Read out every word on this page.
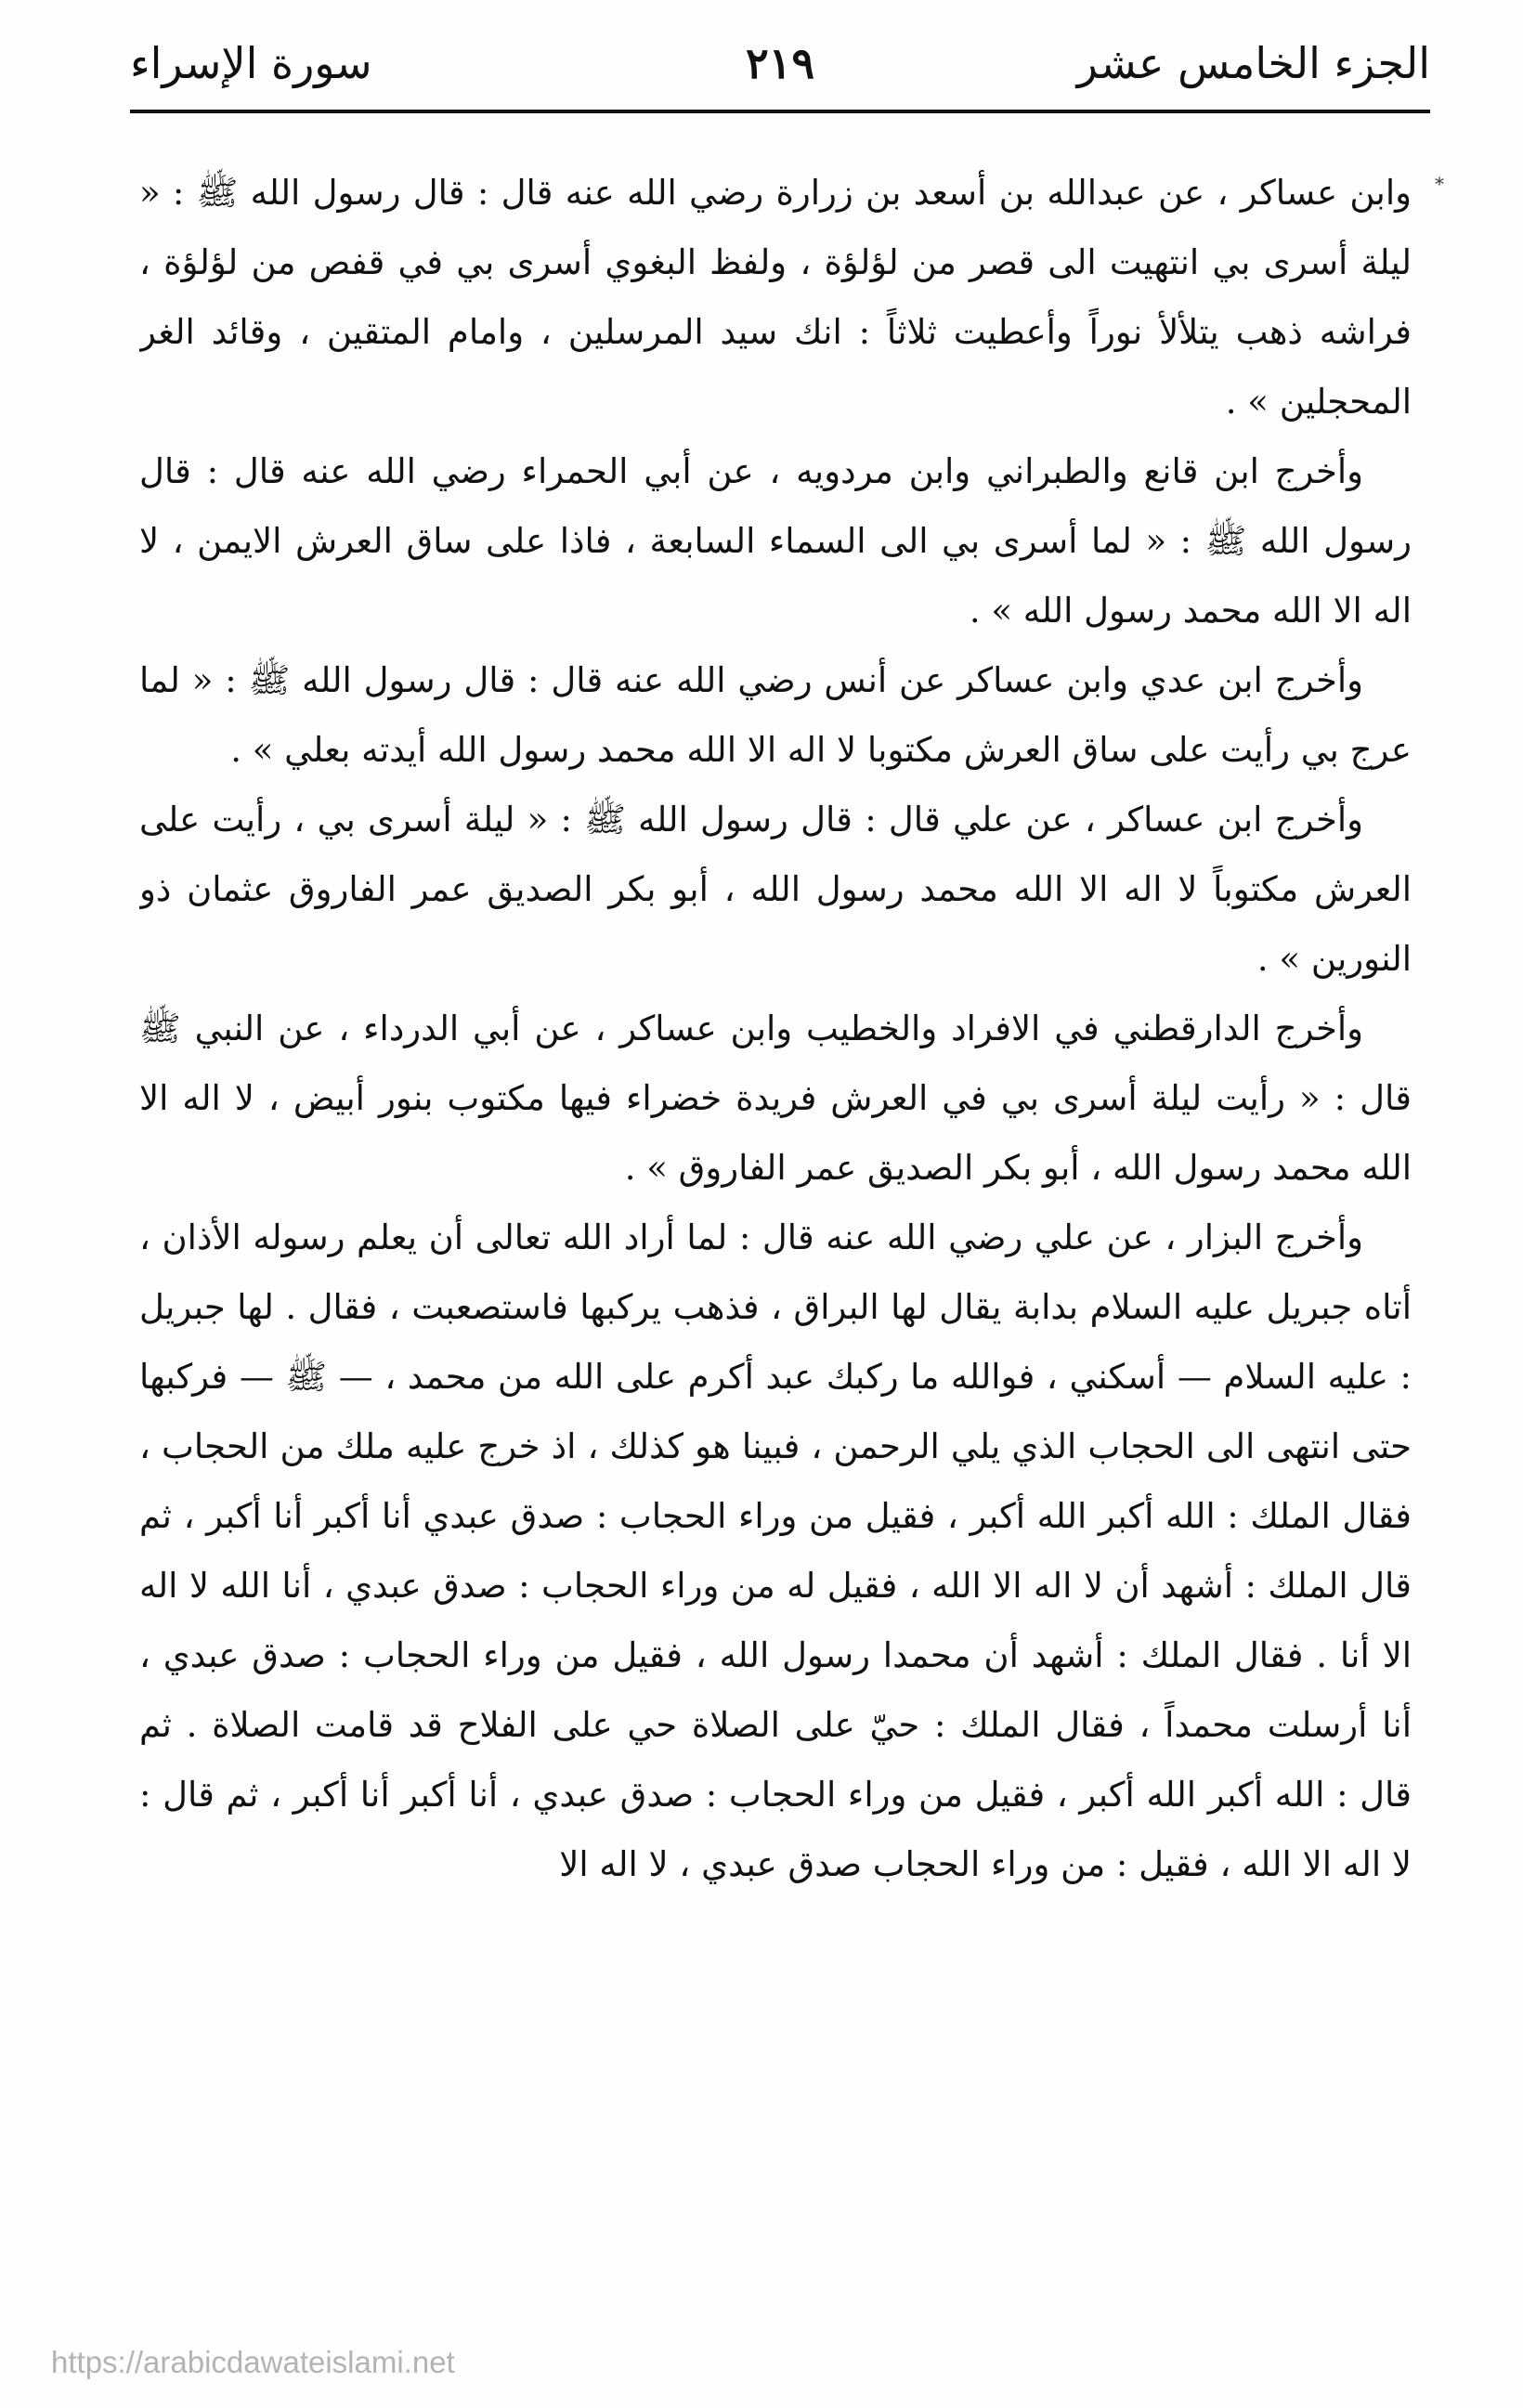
الجزء الخامس عشر
٢١٩
سورة الإسراء
*

وابن عساكر ، عن عبدالله بن أسعد بن زرارة رضي الله عنه قال : قال رسول الله ﷺ : « ليلة أسرى بي انتهيت الى قصر من لؤلؤة ، ولفظ البغوي أسرى بي في قفص من لؤلؤة ، فراشه ذهب يتلألأ نوراً وأعطيت ثلاثاً : انك سيد المرسلين ، وامام المتقين ، وقائد الغر المحجلين » .

وأخرج ابن قانع والطبراني وابن مردويه ، عن أبي الحمراء رضي الله عنه قال : قال رسول الله ﷺ : « لما أسرى بي الى السماء السابعة ، فاذا على ساق العرش الايمن ، لا اله الا الله محمد رسول الله » .

وأخرج ابن عدي وابن عساكر عن أنس رضي الله عنه قال : قال رسول الله ﷺ : « لما عرج بي رأيت على ساق العرش مكتوبا لا اله الا الله محمد رسول الله أيدته بعلي » .

وأخرج ابن عساكر ، عن علي قال : قال رسول الله ﷺ : « ليلة أسرى بي ، رأيت على العرش مكتوباً لا اله الا الله محمد رسول الله ، أبو بكر الصديق عمر الفاروق عثمان ذو النورين » .

وأخرج الدارقطني في الافراد والخطيب وابن عساكر ، عن أبي الدرداء ، عن النبي ﷺ قال : « رأيت ليلة أسرى بي في العرش فريدة خضراء فيها مكتوب بنور أبيض ، لا اله الا الله محمد رسول الله ، أبو بكر الصديق عمر الفاروق » .

وأخرج البزار ، عن علي رضي الله عنه قال : لما أراد الله تعالى أن يعلم رسوله الأذان ، أتاه جبريل عليه السلام بدابة يقال لها البراق ، فذهب يركبها فاستصعبت ، فقال . لها جبريل : عليه السلام — أسكني ، فوالله ما ركبك عبد أكرم على الله من محمد ، — ﷺ — فركبها حتى انتهى الى الحجاب الذي يلي الرحمن ، فبينا هو كذلك ، اذ خرج عليه ملك من الحجاب ، فقال الملك : الله أكبر الله أكبر ، فقيل من وراء الحجاب : صدق عبدي أنا أكبر أنا أكبر ، ثم قال الملك : أشهد أن لا اله الا الله ، فقيل له من وراء الحجاب : صدق عبدي ، أنا الله لا اله الا أنا . فقال الملك : أشهد أن محمدا رسول الله ، فقيل من وراء الحجاب : صدق عبدي ، أنا أرسلت محمداً ، فقال الملك : حيّ على الصلاة حي على الفلاح قد قامت الصلاة . ثم قال : الله أكبر الله أكبر ، فقيل من وراء الحجاب : صدق عبدي ، أنا أكبر أنا أكبر ، ثم قال : لا اله الا الله ، فقيل : من وراء الحجاب صدق عبدي ، لا اله الا

https://arabicdawateislami.net
